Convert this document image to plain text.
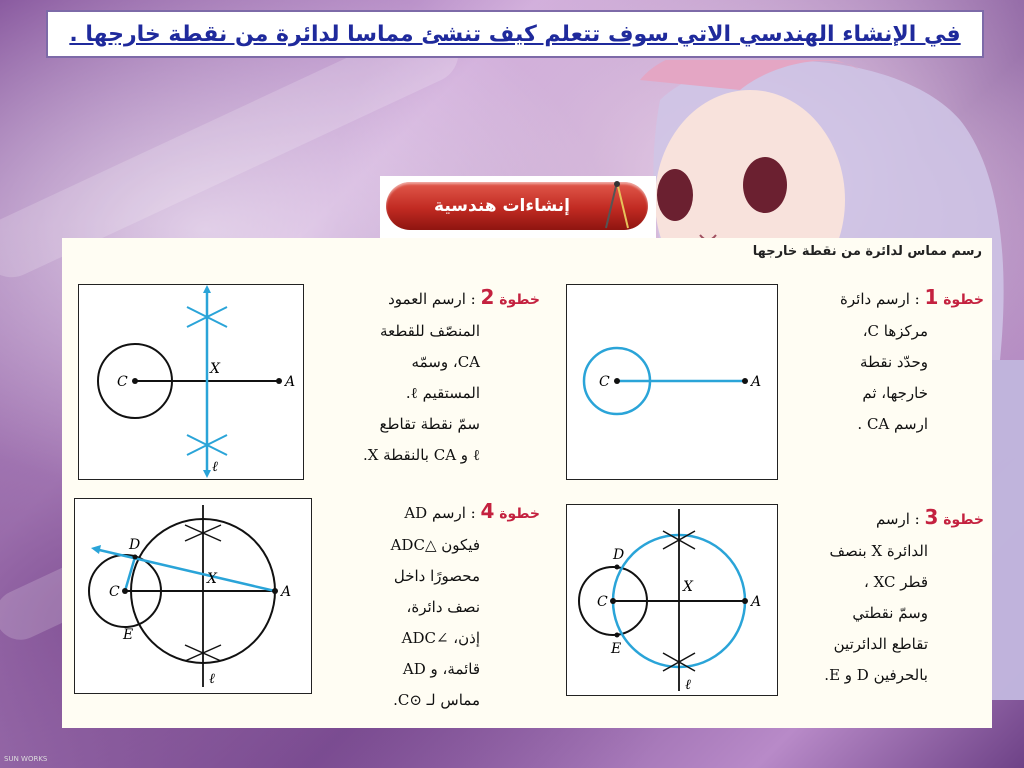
في الإنشاء الهندسي الاتي سوف تتعلم كيف تنشئ مماسا لدائرة من نقطة خارجها .
إنشاءات هندسية
رسم مماس لدائرة من نقطة خارجها
C	A
خطوة 1 : ارسم دائرة
مركزها C،
وحدّد نقطة
خارجها، ثم
ارسم CA .
C	A
X
ℓ
خطوة 2 : ارسم العمود
المنصّف للقطعة
CA، وسمّه
المستقيم ℓ.
سمّ نقطة تقاطع
ℓ و CA بالنقطة X.
C	A
X
D
E
ℓ
خطوة 3 : ارسم
الدائرة X بنصف
قطر XC ،
وسمّ نقطتي
تقاطع الدائرتين
بالحرفين D و E.
C	A
X
D
E
ℓ
خطوة 4 : ارسم AD
فيكون △ADC
محصورًا داخل
نصف دائرة،
إذن، ∠ADC
قائمة، و AD
مماس لـ ⊙C.
SUN WORKS
